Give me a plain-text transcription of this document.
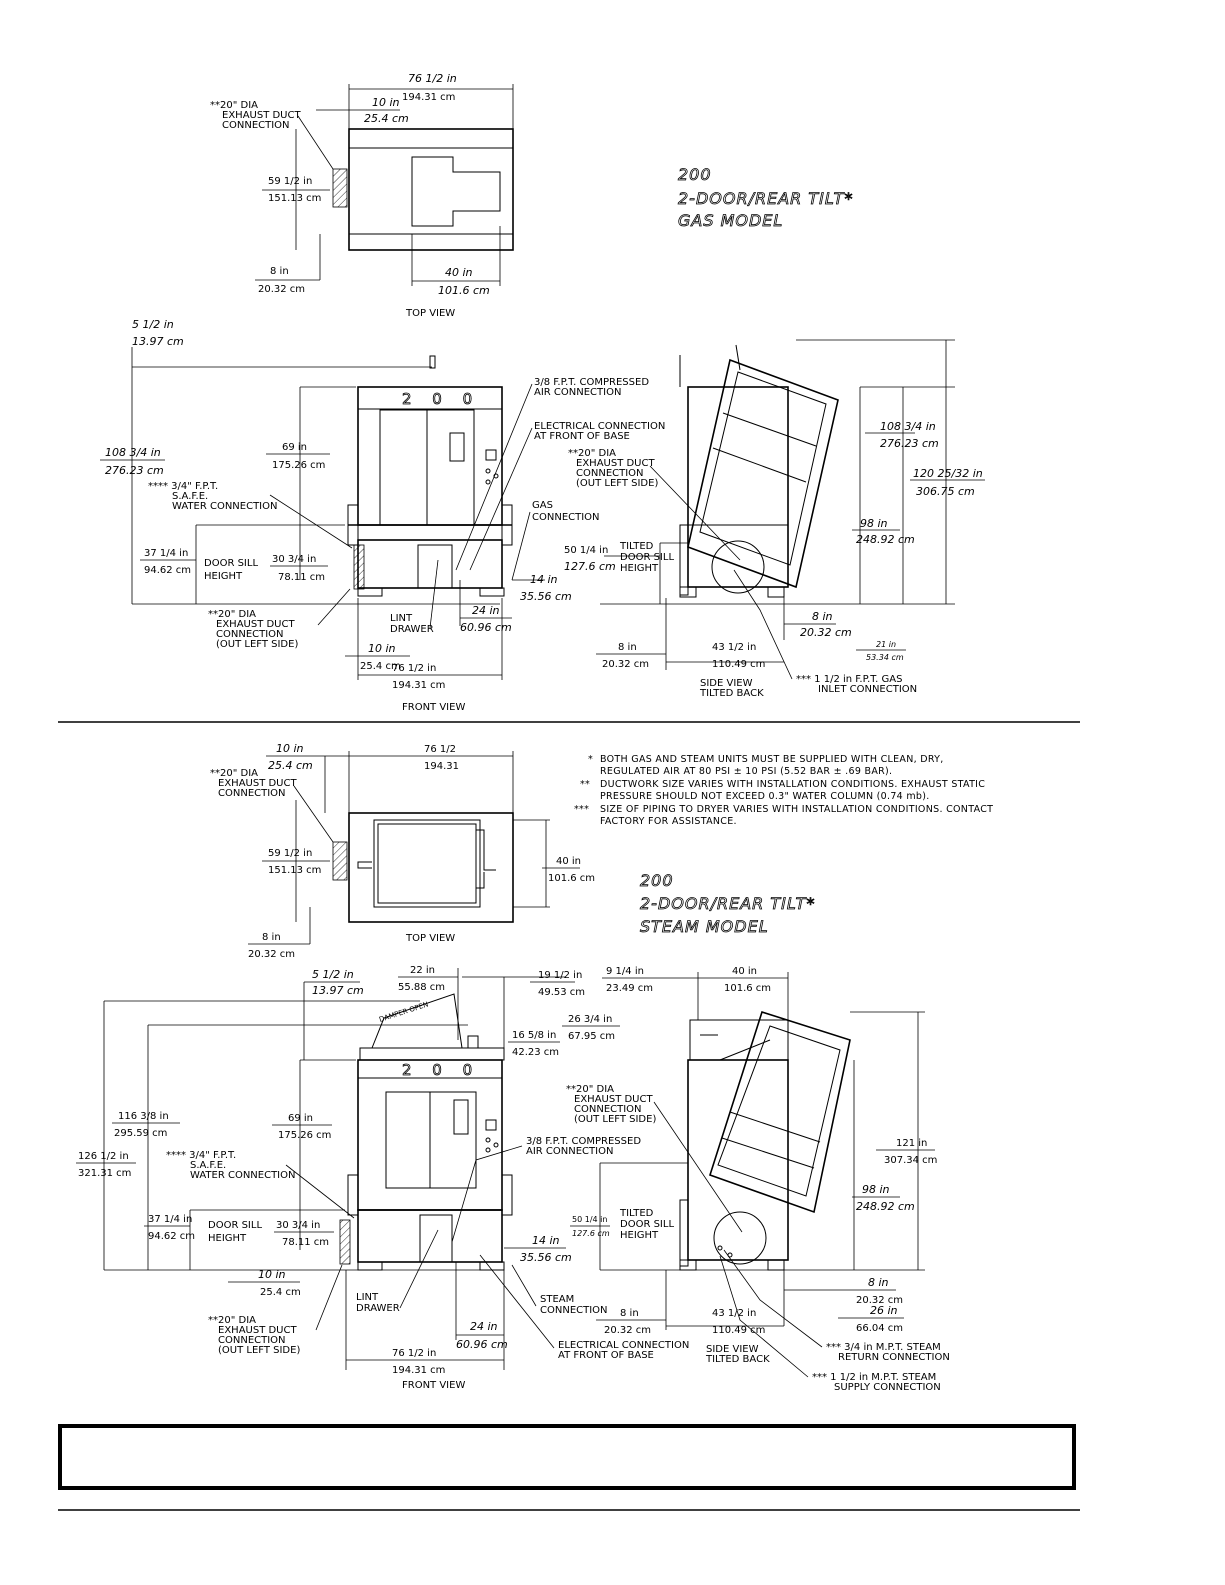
200
2-DOOR/REAR TILT*
GAS MODEL
76 1/2 in
194.31 cm
10 in
25.4 cm
59 1/2 in
151.13 cm
8 in
20.32 cm
40 in
101.6 cm
**20" DIA
EXHAUST DUCT
CONNECTION
TOP VIEW
2 0 0
5 1/2 in
13.97 cm
108 3/4 in
276.23 cm
69 in
175.26 cm
37 1/4 in
94.62 cm
DOOR SILL
HEIGHT
30 3/4 in
78.11 cm
**** 3/4" F.P.T.
S.A.F.E.
WATER CONNECTION
**20" DIA
EXHAUST DUCT
CONNECTION
(OUT LEFT SIDE)
LINT
DRAWER
3/8 F.P.T. COMPRESSED
AIR CONNECTION
ELECTRICAL CONNECTION
AT FRONT OF BASE
GAS
CONNECTION
14 in
35.56 cm
24 in
60.96 cm
10 in
25.4 cm
76 1/2 in
194.31 cm
FRONT VIEW
108 3/4 in
276.23 cm
120 25/32 in
306.75 cm
98 in
248.92 cm
50 1/4 in
127.6 cm
TILTED
DOOR SILL
HEIGHT
**20" DIA
EXHAUST DUCT
CONNECTION
(OUT LEFT SIDE)
8 in
20.32 cm
8 in
20.32 cm
43 1/2 in
110.49 cm
21 in
53.34 cm
*** 1 1/2 in F.P.T. GAS
INLET CONNECTION
SIDE VIEW
TILTED BACK
* BOTH GAS AND STEAM UNITS MUST BE SUPPLIED WITH CLEAN, DRY,
REGULATED AIR AT 80 PSI ± 10 PSI (5.52 BAR ± .69 BAR).
** DUCTWORK SIZE VARIES WITH INSTALLATION CONDITIONS. EXHAUST STATIC
PRESSURE SHOULD NOT EXCEED 0.3" WATER COLUMN (0.74 mb).
*** SIZE OF PIPING TO DRYER VARIES WITH INSTALLATION CONDITIONS. CONTACT
FACTORY FOR ASSISTANCE.
200
2-DOOR/REAR TILT*
STEAM MODEL
10 in
25.4 cm
76 1/2
194.31
59 1/2 in
151.13 cm
40 in
101.6 cm
8 in
20.32 cm
**20" DIA
EXHAUST DUCT
CONNECTION
TOP VIEW
2 0 0
DAMPER OPEN
5 1/2 in
13.97 cm
22 in
55.88 cm
19 1/2 in
49.53 cm
26 3/4 in
67.95 cm
16 5/8 in
42.23 cm
116 3/8 in
295.59 cm
126 1/2 in
321.31 cm
69 in
175.26 cm
**** 3/4" F.P.T.
S.A.F.E.
WATER CONNECTION
3/8 F.P.T. COMPRESSED
AIR CONNECTION
37 1/4 in
94.62 cm
DOOR SILL
HEIGHT
30 3/4 in
78.11 cm	14 in
35.56 cm
10 in
25.4 cm	LINT
DRAWER
STEAM
CONNECTION
**20" DIA
EXHAUST DUCT
CONNECTION
(OUT LEFT SIDE)
24 in
60.96 cm
76 1/2 in
194.31 cm
ELECTRICAL CONNECTION
AT FRONT OF BASE
FRONT VIEW
9 1/4 in
23.49 cm
40 in
101.6 cm
121 in
307.34 cm
98 in
248.92 cm
50 1/4 in
127.6 cm
TILTED
DOOR SILL
HEIGHT
**20" DIA
EXHAUST DUCT
CONNECTION
(OUT LEFT SIDE)
8 in
20.32 cm
8 in
20.32 cm
43 1/2 in
110.49 cm
26 in
66.04 cm
SIDE VIEW
TILTED BACK
*** 3/4 in M.P.T. STEAM
RETURN CONNECTION
*** 1 1/2 in M.P.T. STEAM
SUPPLY CONNECTION
